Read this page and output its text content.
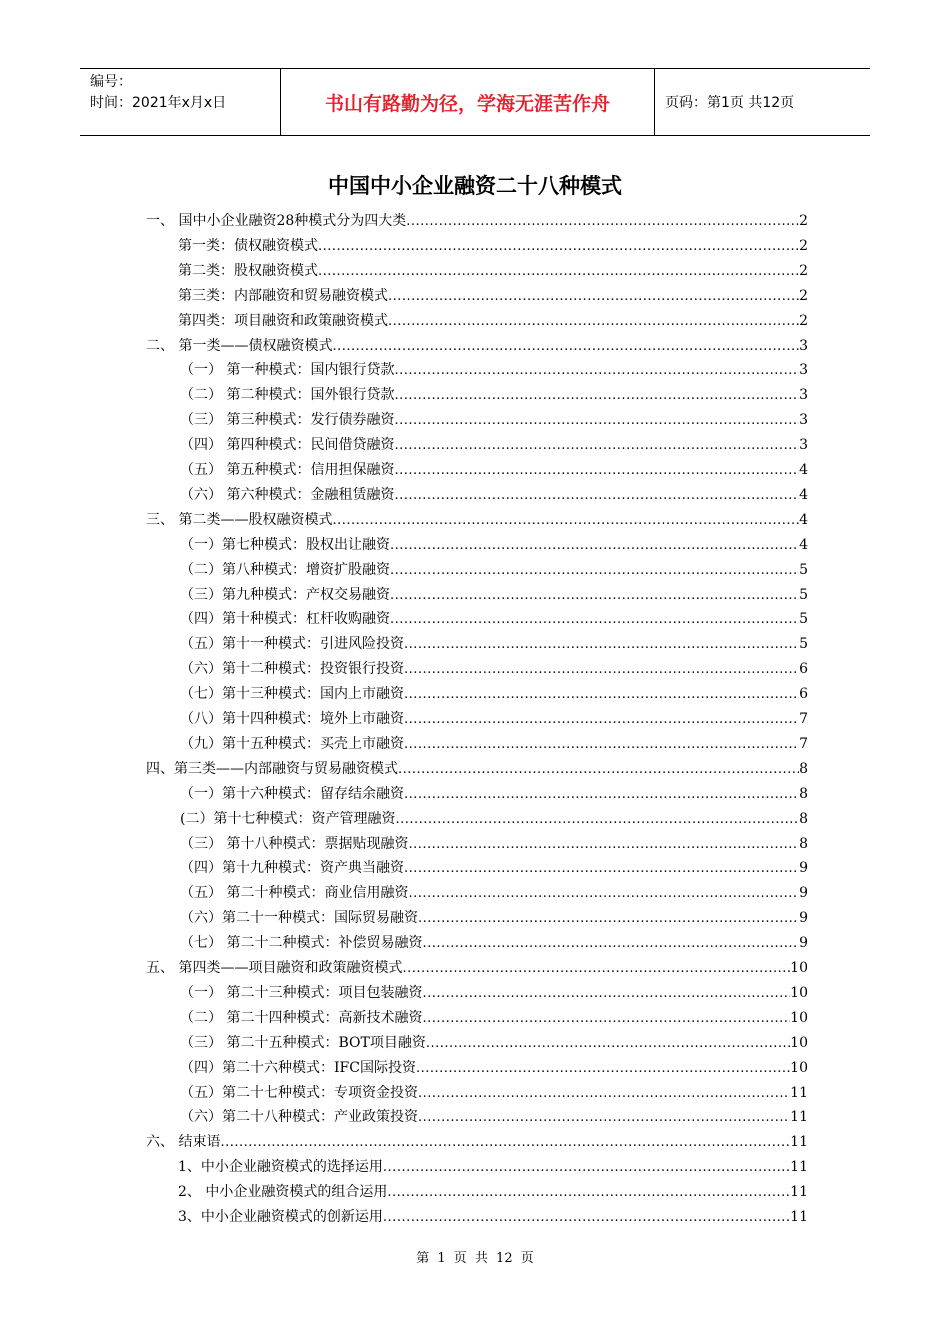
编号：
时间：2021年x月x日	书山有路勤为径，学海无涯苦作舟	页码：第1页 共12页
中国中小企业融资二十八种模式
一、 国中小企业融资28种模式分为四大类 .....	2
第一类：债权融资模式 .....	2
第二类：股权融资模式 .....	2
第三类：内部融资和贸易融资模式 .....	2
第四类：项目融资和政策融资模式 .....	2
二、 第一类——债权融资模式 .....	3
（一） 第一种模式：国内银行贷款 .....	3
（二） 第二种模式：国外银行贷款 .....	3
（三） 第三种模式：发行债券融资 .....	3
（四） 第四种模式：民间借贷融资 .....	3
（五） 第五种模式：信用担保融资 .....	4
（六） 第六种模式：金融租赁融资 .....	4
三、 第二类——股权融资模式 .....	4
（一）第七种模式：股权出让融资 .....	4
（二）第八种模式：增资扩股融资 .....	5
（三）第九种模式：产权交易融资 .....	5
（四）第十种模式：杠杆收购融资 .....	5
（五）第十一种模式：引进风险投资 .....	5
（六）第十二种模式：投资银行投资 .....	6
（七）第十三种模式：国内上市融资 .....	6
（八）第十四种模式：境外上市融资 .....	7
（九）第十五种模式：买壳上市融资 .....	7
四、第三类——内部融资与贸易融资模式 .....	8
（一）第十六种模式：留存结余融资 .....	8
(二）第十七种模式：资产管理融资 .....	8
（三） 第十八种模式：票据贴现融资 .....	8
（四）第十九种模式：资产典当融资 .....	9
（五） 第二十种模式：商业信用融资 .....	9
（六）第二十一种模式：国际贸易融资 .....	9
（七） 第二十二种模式：补偿贸易融资 .....	9
五、 第四类——项目融资和政策融资模式 .....	10
（一） 第二十三种模式：项目包装融资 .....	10
（二） 第二十四种模式：高新技术融资 .....	10
（三） 第二十五种模式：BOT项目融资 .....	10
（四）第二十六种模式：IFC国际投资 .....	10
（五）第二十七种模式：专项资金投资 .....	11
（六）第二十八种模式：产业政策投资 .....	11
六、 结束语 .....	11
1、中小企业融资模式的选择运用 .....	11
2、 中小企业融资模式的组合运用 .....	11
3、中小企业融资模式的创新运用 .....	11
第 1 页 共 12 页
